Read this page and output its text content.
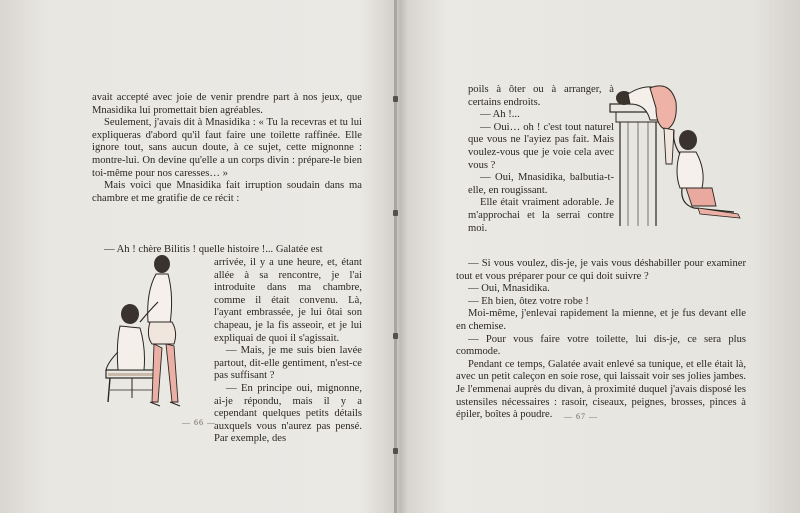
avait accepté avec joie de venir prendre part à nos jeux, que Mnasidika lui promettait bien agréables.

Seulement, j'avais dit à Mnasidika : « Tu la recevras et tu lui expliqueras d'abord qu'il faut faire une toilette raffinée. Elle ignore tout, sans aucun doute, à ce sujet, cette mignonne : montre-lui. On devine qu'elle a un corps divin : prépare-le bien toi-même pour nos caresses… »

Mais voici que Mnasidika fait irruption soudain dans ma chambre et me gratifie de ce récit :

— Ah ! chère Bilitis ! quelle histoire !... Galatée est

arrivée, il y a une heure, et, étant allée à sa rencontre, je l'ai introduite dans ma chambre, comme il était convenu. Là, l'ayant embrassée, je lui ôtai son chapeau, je la fis asseoir, et je lui expliquai de quoi il s'agissait.

— Mais, je me suis bien lavée partout, dit-elle gentiment, n'est-ce pas suffisant ?

— En principe oui, mignonne, ai-je répondu, mais il y a cependant quelques petits détails auxquels vous n'aurez pas pensé. Par exemple, des

— 66 —

poils à ôter ou à arranger, à certains endroits.

— Ah !...

— Oui… oh ! c'est tout naturel que vous ne l'ayiez pas fait. Mais voulez-vous que je voie cela avec vous ?

— Oui, Mnasidika, balbutia-t-elle, en rougissant.

Elle était vraiment adorable. Je m'approchai et la serrai contre moi.

— Si vous voulez, dis-je, je vais vous déshabiller pour examiner tout et vous préparer pour ce qui doit suivre ?

— Oui, Mnasidika.

— Eh bien, ôtez votre robe !

Moi-même, j'enlevai rapidement la mienne, et je fus devant elle en chemise.

— Pour vous faire votre toilette, lui dis-je, ce sera plus commode.

Pendant ce temps, Galatée avait enlevé sa tunique, et elle était là, avec un petit caleçon en soie rose, qui laissait voir ses jolies jambes. Je l'emmenai auprès du divan, à proximité duquel j'avais disposé les ustensiles nécessaires : rasoir, ciseaux, peignes, brosses, pinces à épiler, boîtes à poudre.	— 67 —
